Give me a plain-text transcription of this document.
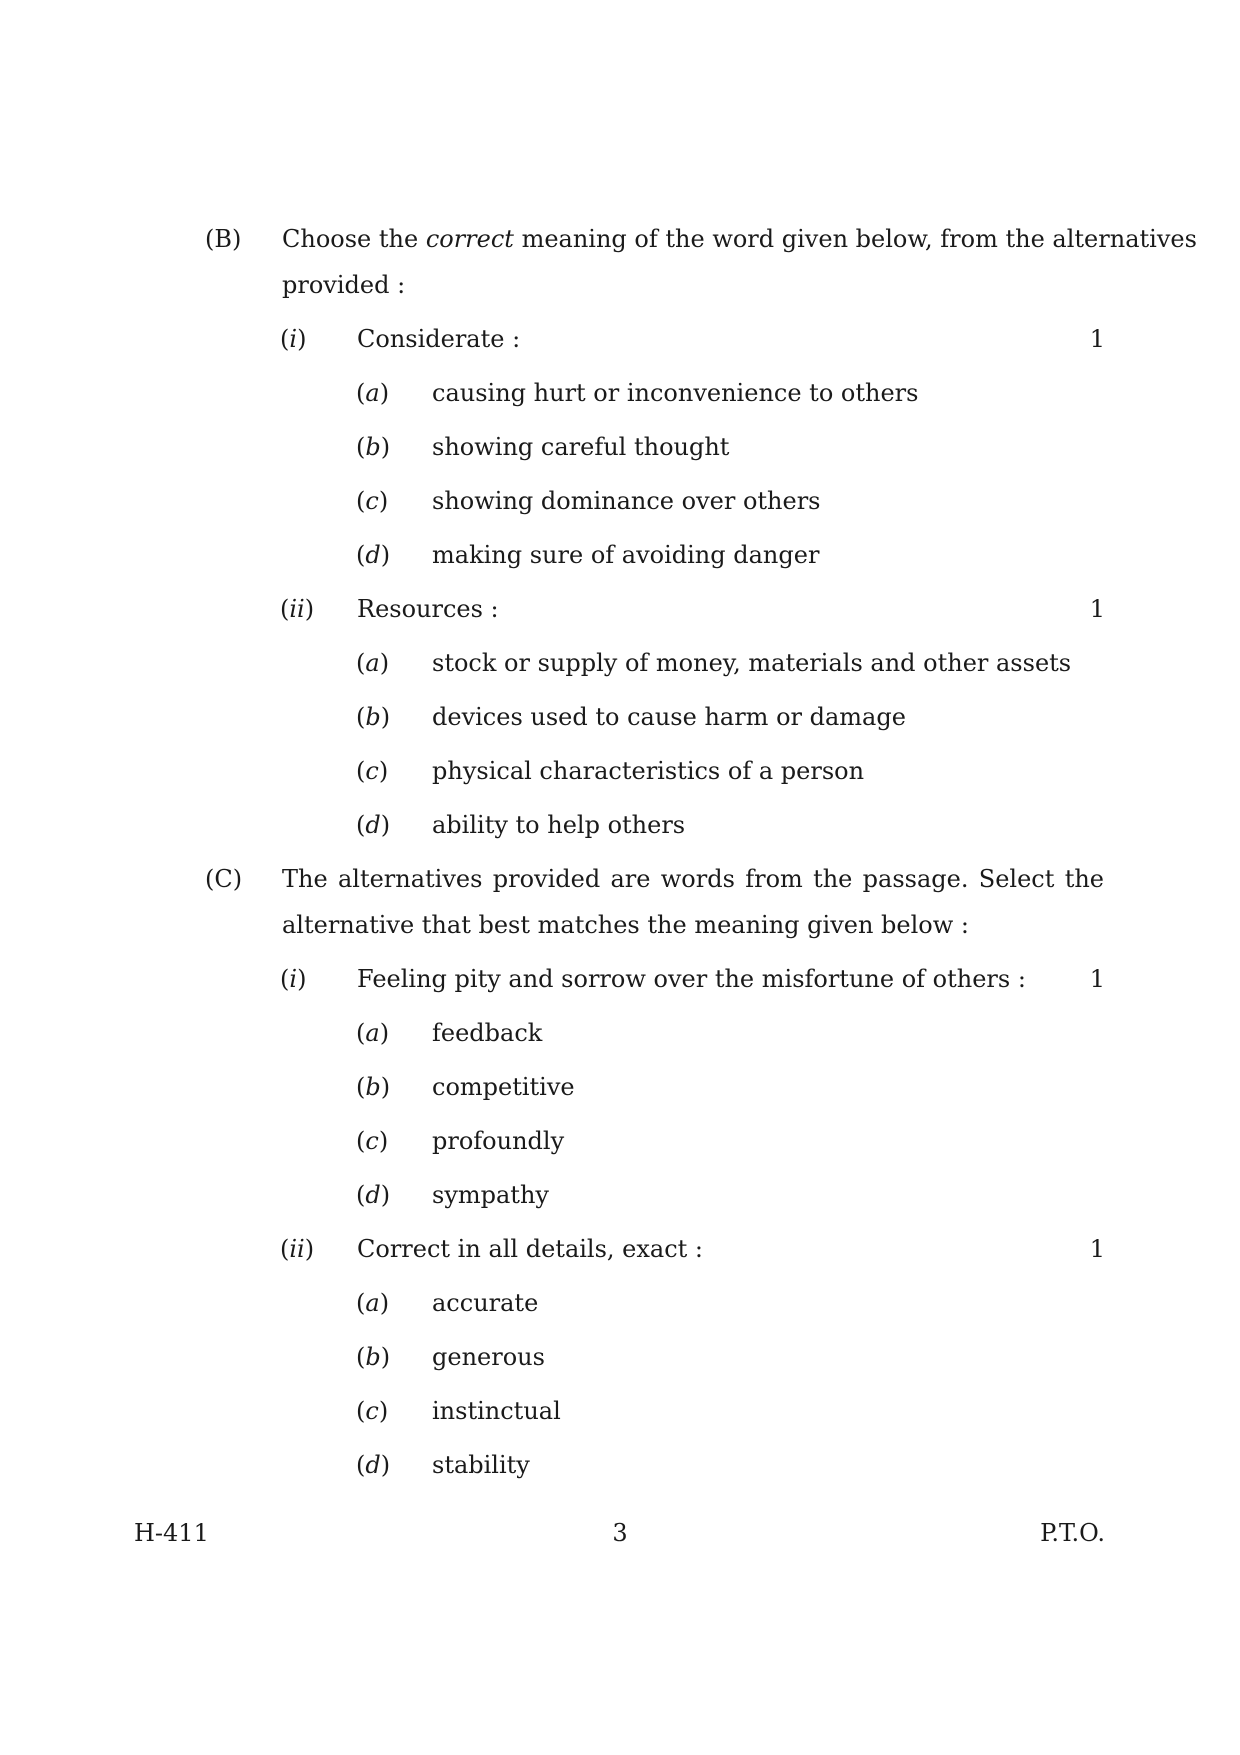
(B) Choose the correct meaning of the word given below, from the alternatives
provided :
(i) Considerate :	1
(a) causing hurt or inconvenience to others
(b) showing careful thought
(c) showing dominance over others
(d) making sure of avoiding danger
(ii) Resources :	1
(a) stock or supply of money, materials and other assets
(b) devices used to cause harm or damage
(c) physical characteristics of a person
(d) ability to help others
(C) The alternatives provided are words from the passage. Select the
alternative that best matches the meaning given below :
(i) Feeling pity and sorrow over the misfortune of others :	1
(a) feedback
(b) competitive
(c) profoundly
(d) sympathy
(ii) Correct in all details, exact :	1
(a) accurate
(b) generous
(c) instinctual
(d) stability
H-411	3	P.T.O.
